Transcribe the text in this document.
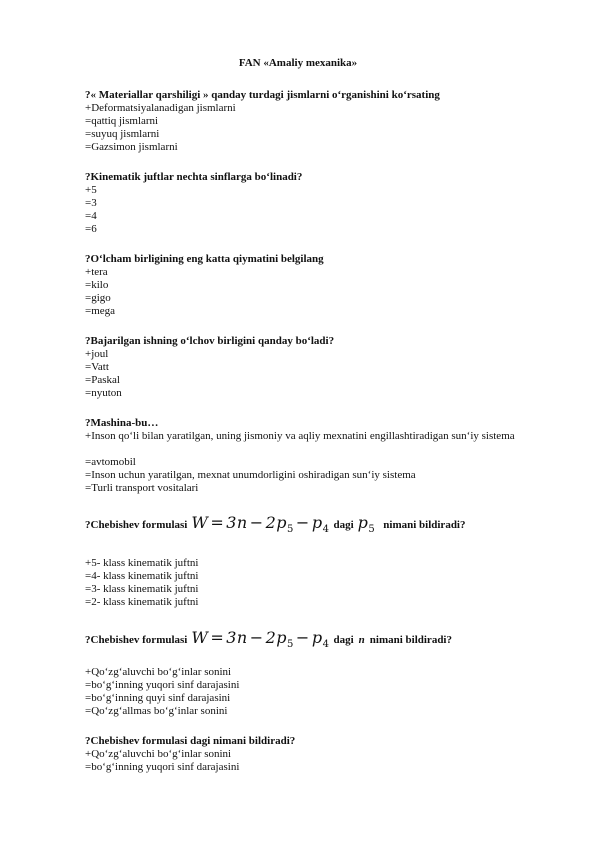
FAN «Amaliy mexanika»
?« Materiallar qarshiligi » qanday turdagi jismlarni o‘rganishini ko‘rsating
+Deformatsiyalanadigan jismlarni
=qattiq jismlarni
=suyuq jismlarni
=Gazsimon jismlarni
?Kinematik juftlar nechta sinflarga bo‘linadi?
+5
=3
=4
=6
?O‘lcham birligining eng katta qiymatini belgilang
+tera
=kilo
=gigo
=mega
?Bajarilgan ishning o‘lchov birligini qanday bo‘ladi?
+joul
=Vatt
=Paskal
=nyuton
?Mashina-bu…
+Inson qo‘li bilan yaratilgan, uning jismoniy va aqliy mexnatini engillashtiradigan sun‘iy sistema
=avtomobil
=Inson uchun yaratilgan, mexnat unumdorligini oshiradigan sun‘iy sistema
=Turli transport vositalari
?Chebishev formulasi $W = 3n - 2p_5 - p_4$ dagi $p_5$ nimani bildiradi?
+5- klass kinematik juftni
=4- klass kinematik juftni
=3- klass kinematik juftni
=2- klass kinematik juftni
?Chebishev formulasi $W = 3n - 2p_5 - p_4$ dagi n nimani bildiradi?
+Qo‘zg‘aluvchi bo‘g‘inlar sonini
=bo‘g‘inning yuqori sinf darajasini
=bo‘g‘inning quyi sinf darajasini
=Qo‘zg‘allmas bo‘g‘inlar sonini
?Chebishev formulasi dagi nimani bildiradi?
+Qo‘zg‘aluvchi bo‘g‘inlar sonini
=bo‘g‘inning yuqori sinf darajasini
